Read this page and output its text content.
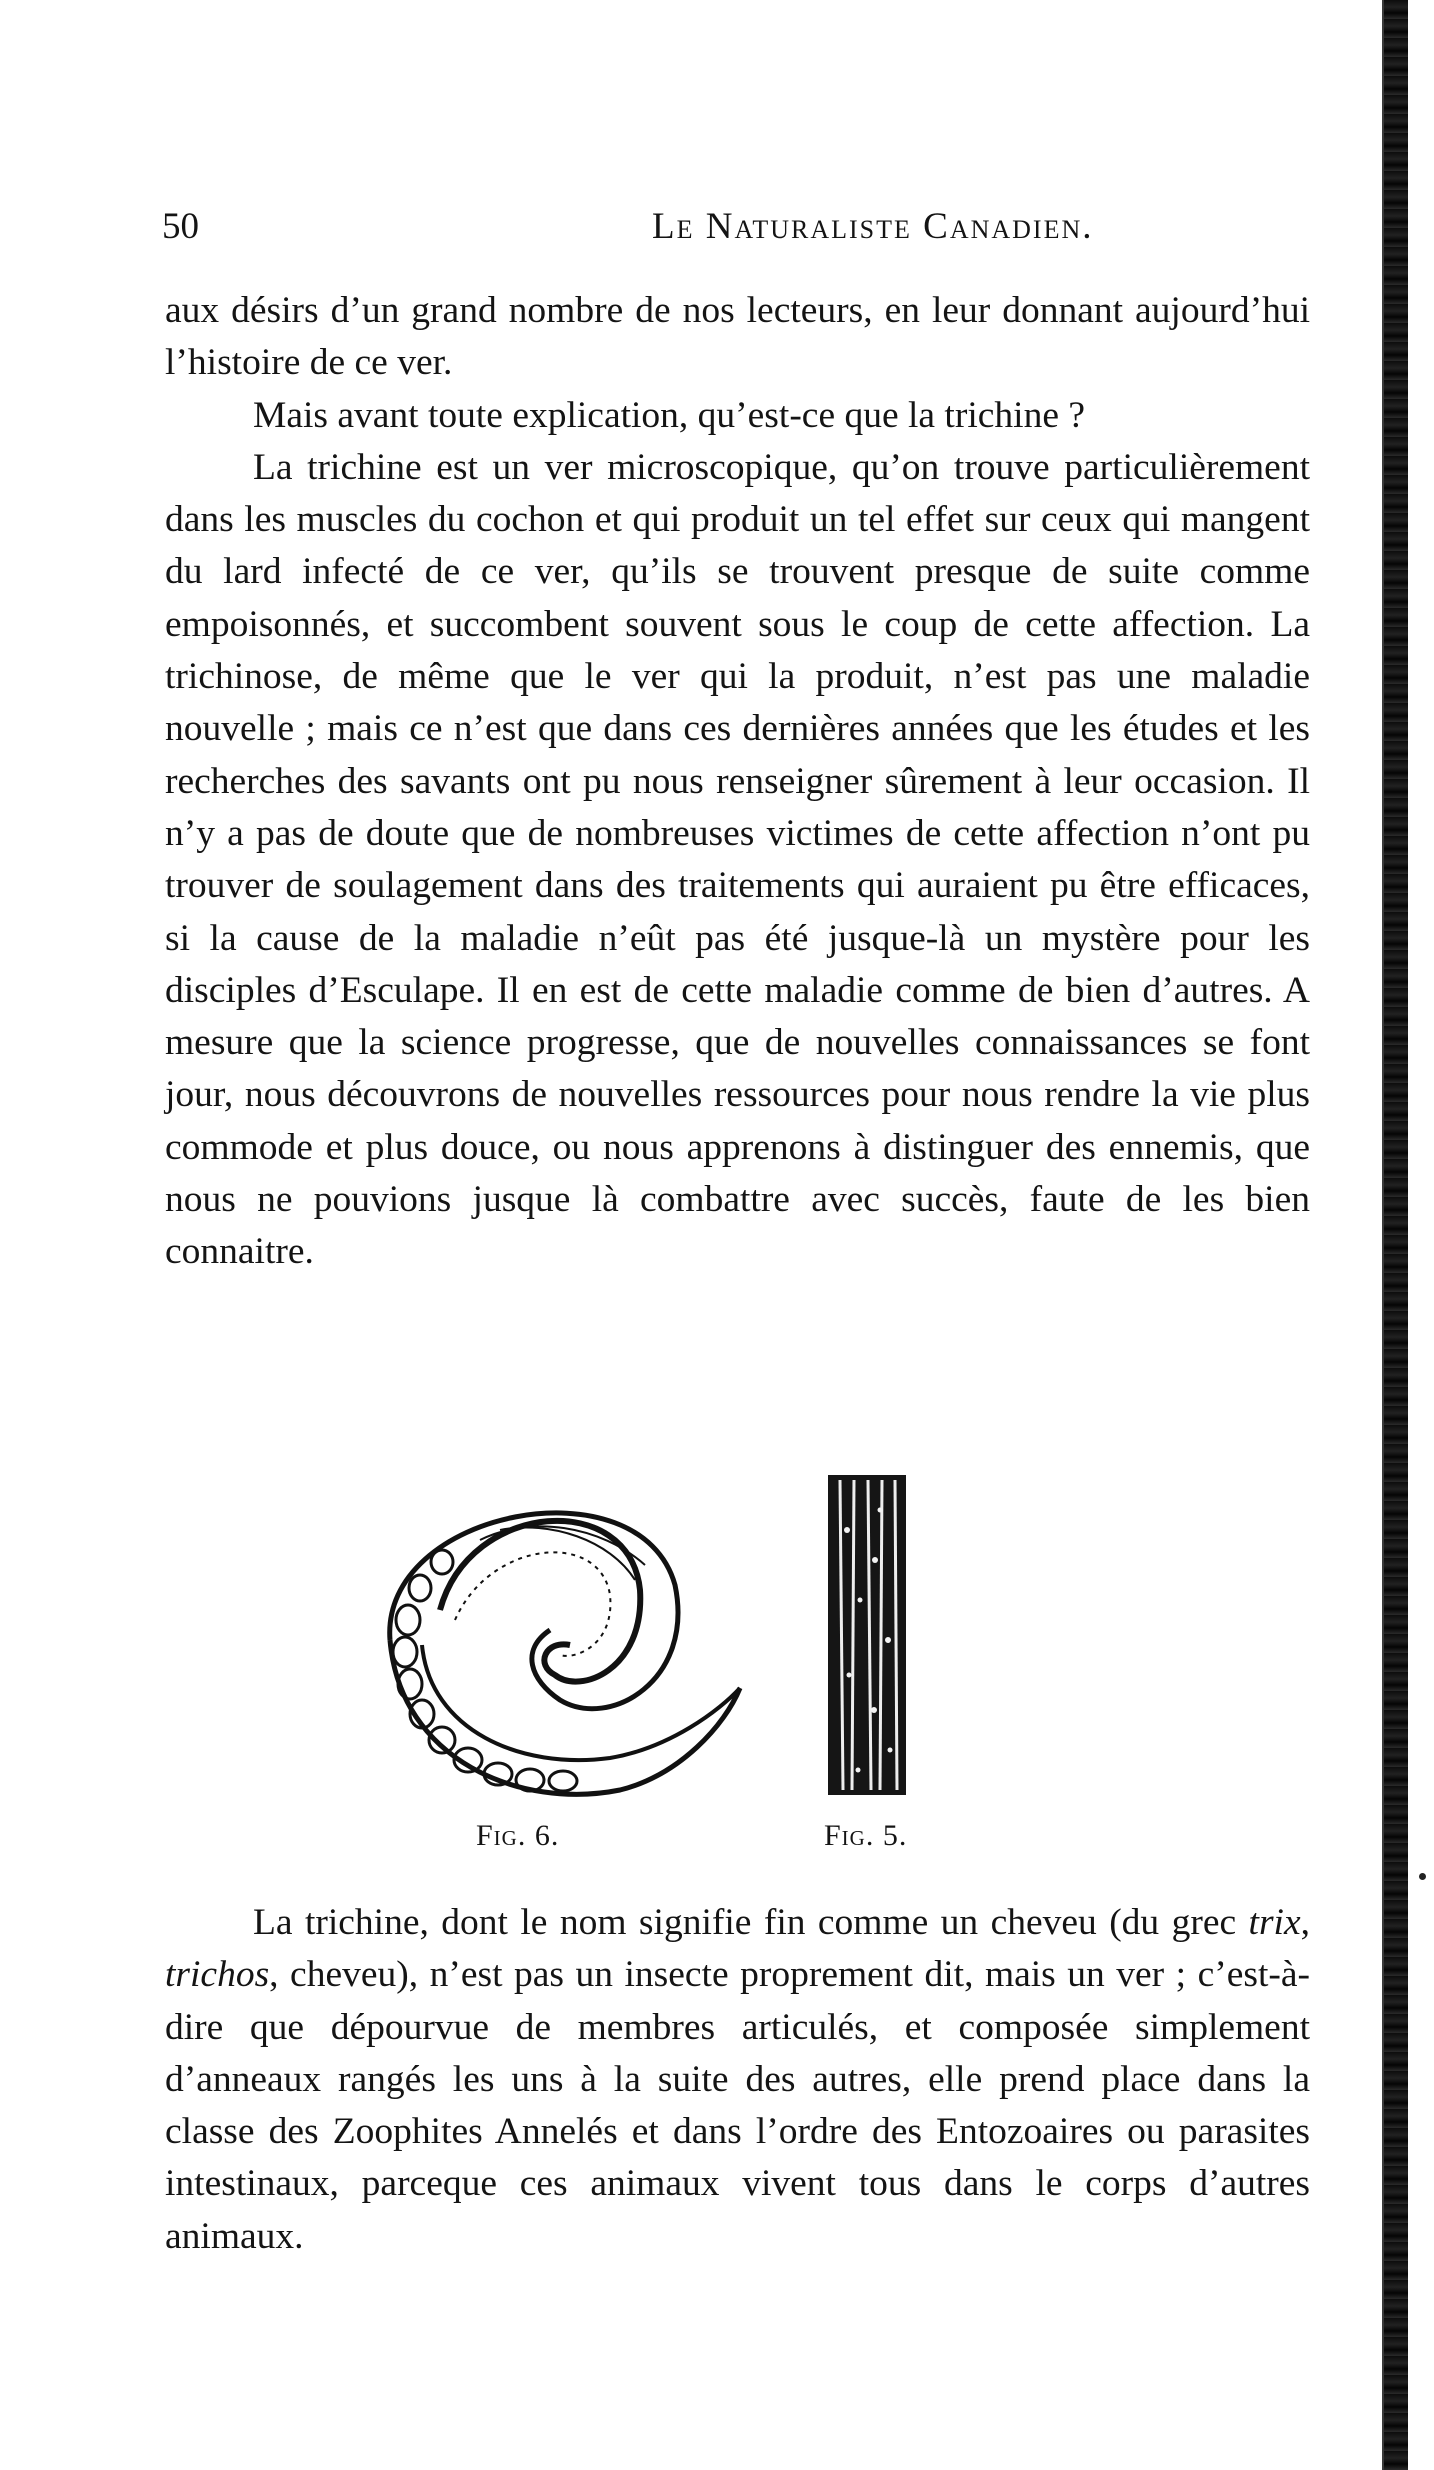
50	Le Naturaliste Canadien.

aux désirs d’un grand nombre de nos lecteurs, en leur donnant aujourd’hui l’histoire de ce ver.

Mais avant toute explication, qu’est-ce que la trichine ?

La trichine est un ver microscopique, qu’on trouve particulièrement dans les muscles du cochon et qui produit un tel effet sur ceux qui mangent du lard infecté de ce ver, qu’ils se trouvent presque de suite comme empoisonnés, et succombent souvent sous le coup de cette affection. La trichinose, de même que le ver qui la produit, n’est pas une maladie nouvelle ; mais ce n’est que dans ces dernières années que les études et les recherches des savants ont pu nous renseigner sûrement à leur occasion. Il n’y a pas de doute que de nombreuses victimes de cette affection n’ont pu trouver de soulagement dans des traitements qui auraient pu être efficaces, si la cause de la maladie n’eût pas été jusque-là un mystère pour les disciples d’Esculape. Il en est de cette maladie comme de bien d’autres. A mesure que la science progresse, que de nouvelles connaissances se font jour, nous découvrons de nouvelles ressources pour nous rendre la vie plus commode et plus douce, ou nous apprenons à distinguer des ennemis, que nous ne pouvions jusque là combattre avec succès, faute de les bien connaitre.

Fig. 6.	Fig. 5.

La trichine, dont le nom signifie fin comme un cheveu (du grec trix, trichos, cheveu), n’est pas un insecte proprement dit, mais un ver ; c’est-à-dire que dépourvue de membres articulés, et composée simplement d’anneaux rangés les uns à la suite des autres, elle prend place dans la classe des Zoophites Annelés et dans l’ordre des Entozoaires ou parasites intestinaux, parceque ces animaux vivent tous dans le corps d’autres animaux.
